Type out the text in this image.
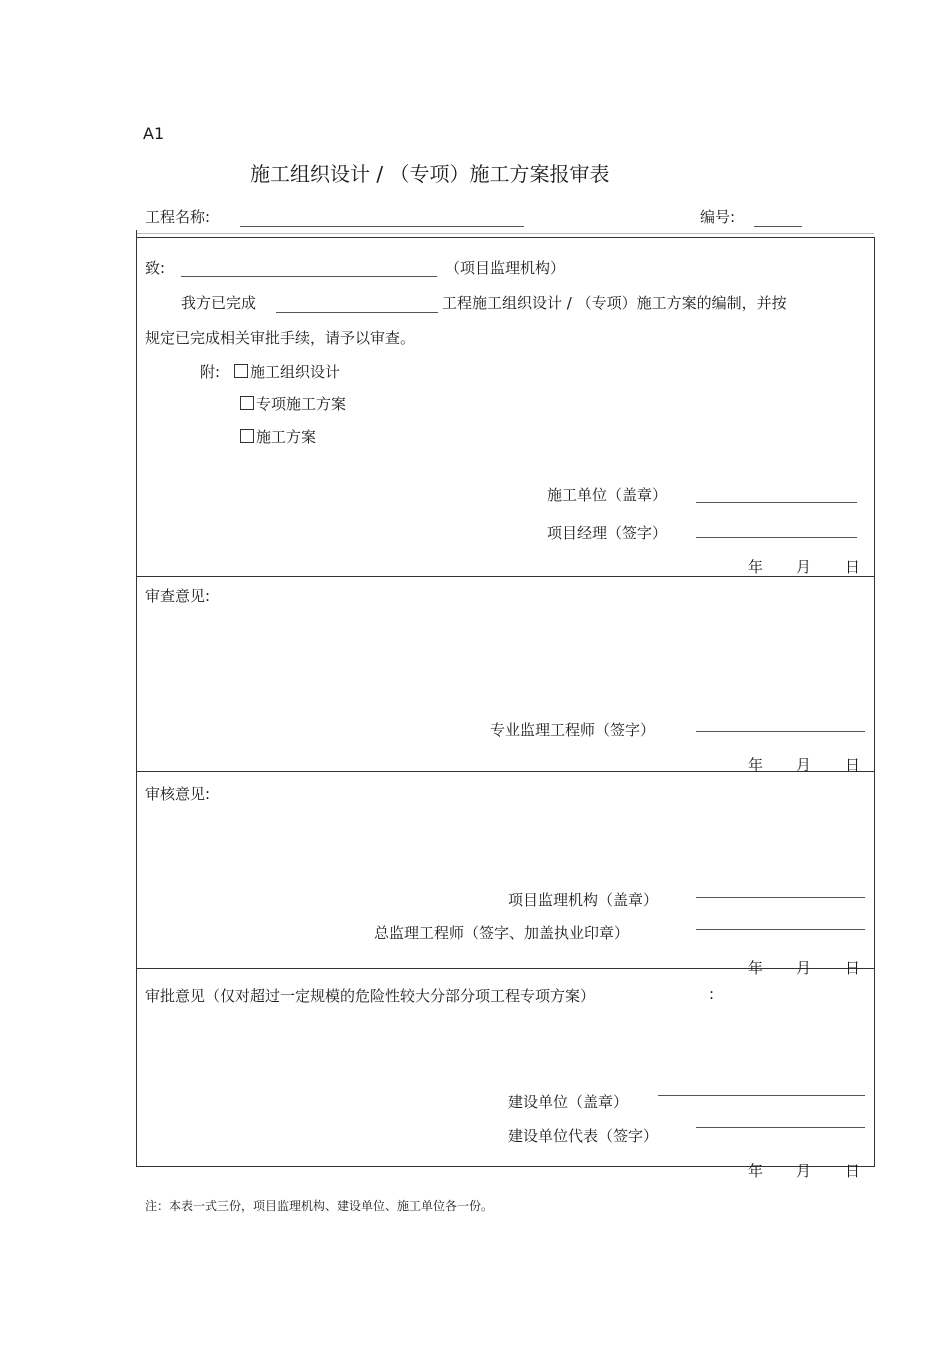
A1
施工组织设计 / （专项）施工方案报审表
工程名称:	编号:
致:	（项目监理机构）
我方已完成	工程施工组织设计 / （专项）施工方案的编制，并按
规定已完成相关审批手续，请予以审查。
附:	施工组织设计
专项施工方案
施工方案
施工单位（盖章）
项目经理（签字）
年 月 日
审查意见:
专业监理工程师（签字）
年 月 日
审核意见:
项目监理机构（盖章）
总监理工程师（签字、加盖执业印章）
年 月 日
审批意见（仅对超过一定规模的危险性较大分部分项工程专项方案）	:
建设单位（盖章）
建设单位代表（签字）
年 月 日
注：本表一式三份，项目监理机构、建设单位、施工单位各一份。
